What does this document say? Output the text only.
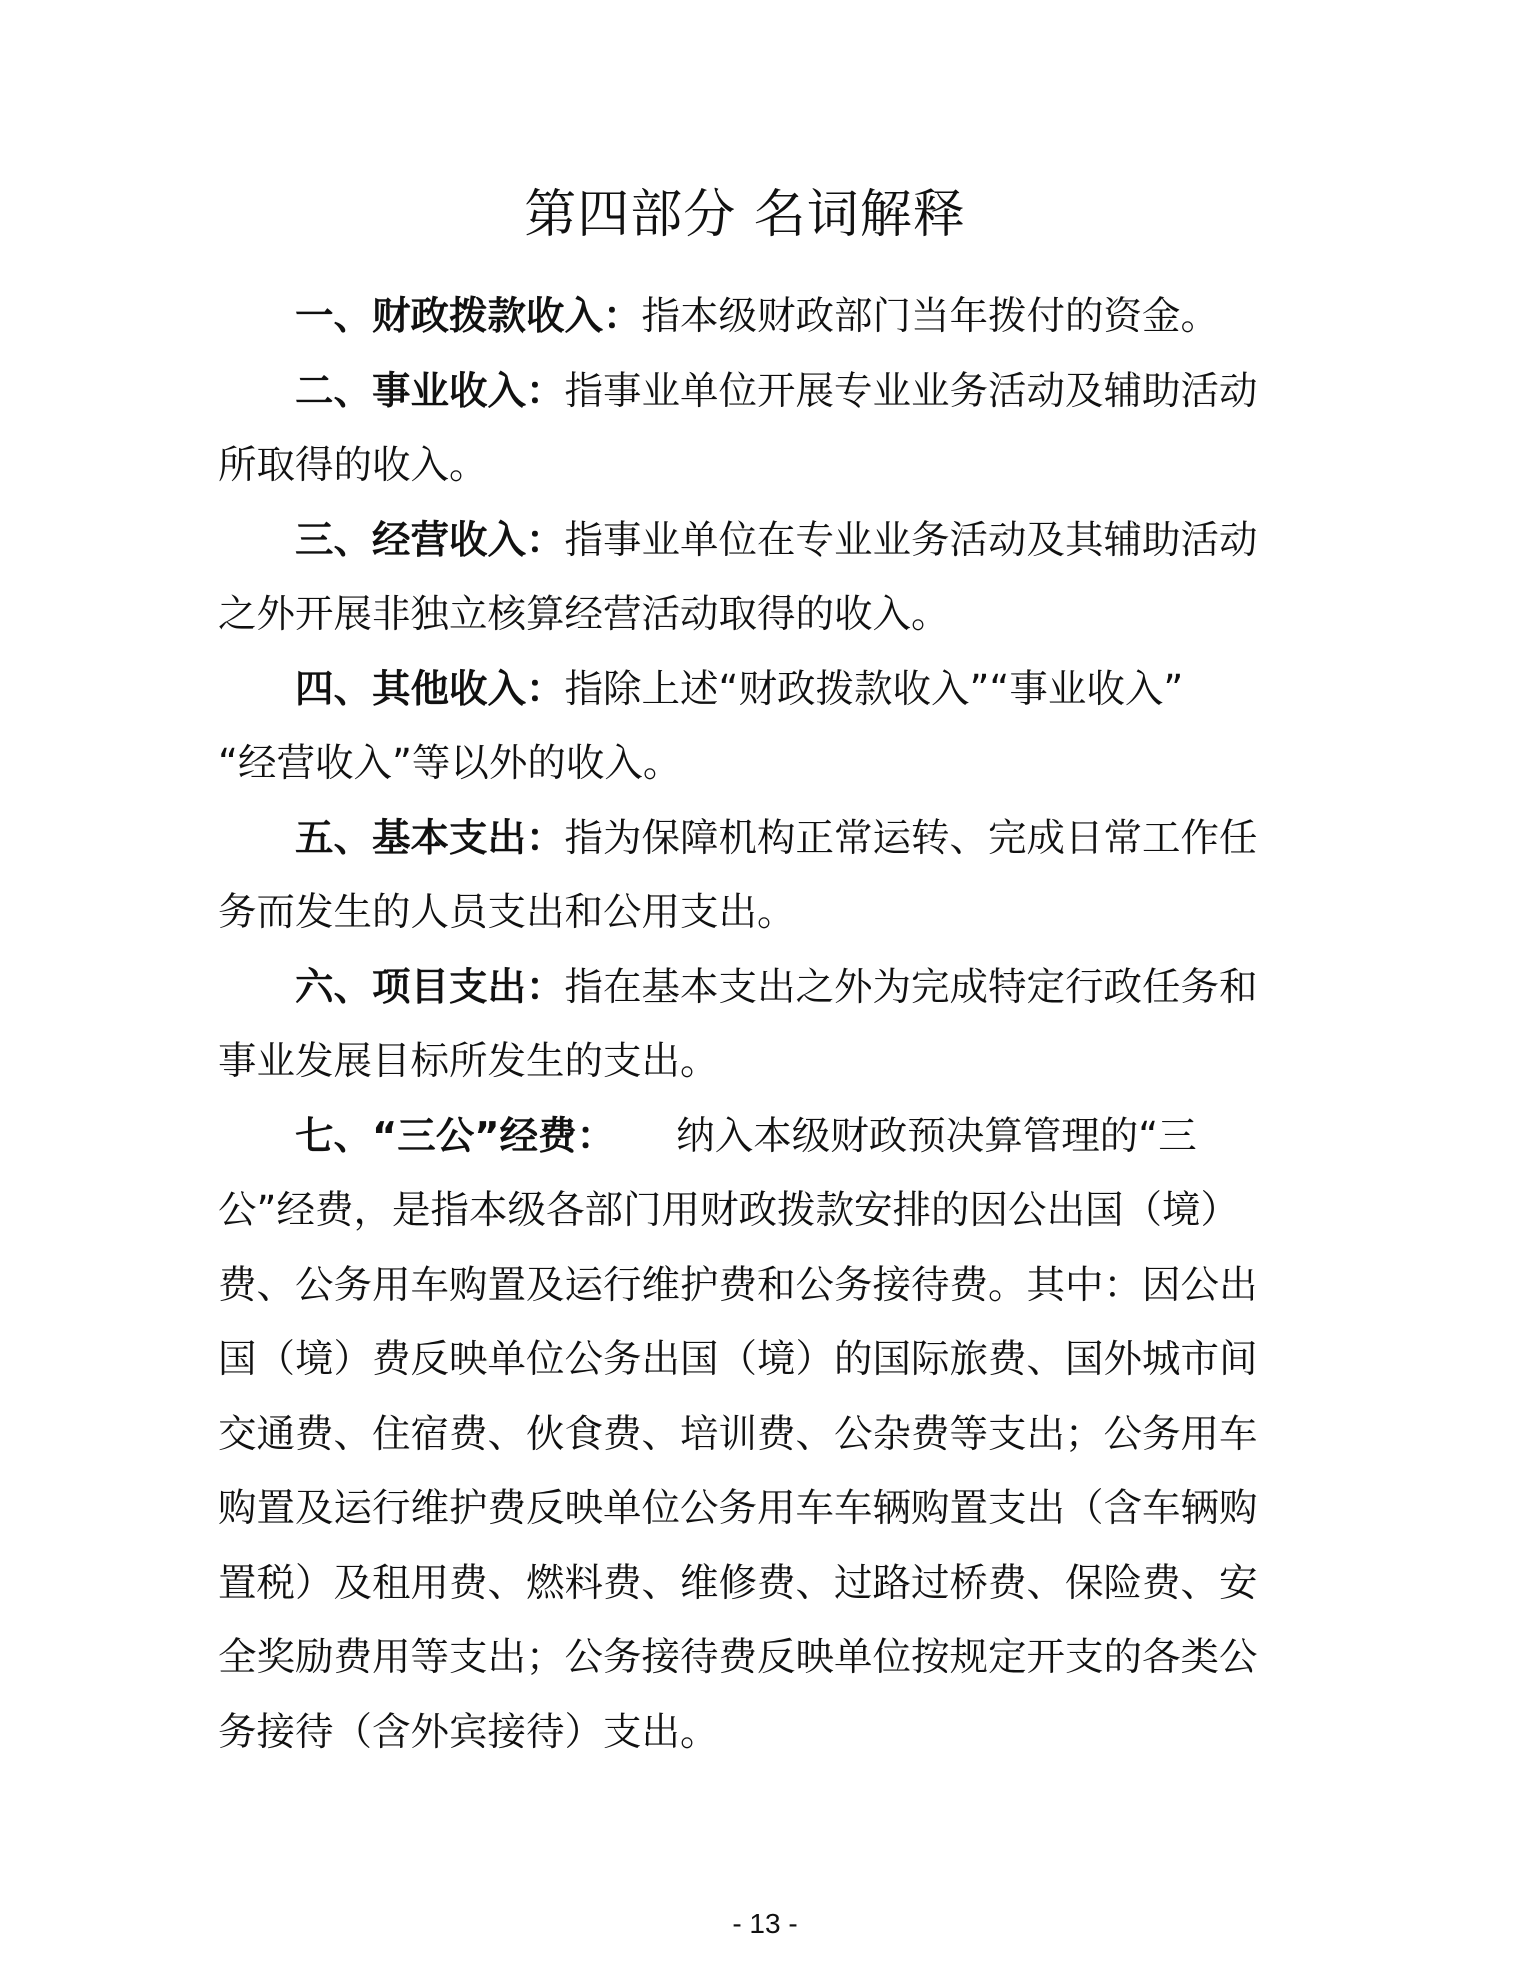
第四部分 名词解释

一、财政拨款收入：指本级财政部门当年拨付的资金。

二、事业收入：指事业单位开展专业业务活动及辅助活动所取得的收入。

三、经营收入：指事业单位在专业业务活动及其辅助活动之外开展非独立核算经营活动取得的收入。

四、其他收入：指除上述“财政拨款收入”“事业收入”
“经营收入”等以外的收入。

五、基本支出：指为保障机构正常运转、完成日常工作任务而发生的人员支出和公用支出。

六、项目支出：指在基本支出之外为完成特定行政任务和事业发展目标所发生的支出。

七、“三公”经费：     纳入本级财政预决算管理的“三公”经费，是指本级各部门用财政拨款安排的因公出国（境）费、公务用车购置及运行维护费和公务接待费。其中：因公出国（境）费反映单位公务出国（境）的国际旅费、国外城市间交通费、住宿费、伙食费、培训费、公杂费等支出；公务用车购置及运行维护费反映单位公务用车车辆购置支出（含车辆购置税）及租用费、燃料费、维修费、过路过桥费、保险费、安全奖励费用等支出；公务接待费反映单位按规定开支的各类公务接待（含外宾接待）支出。

- 13 -
